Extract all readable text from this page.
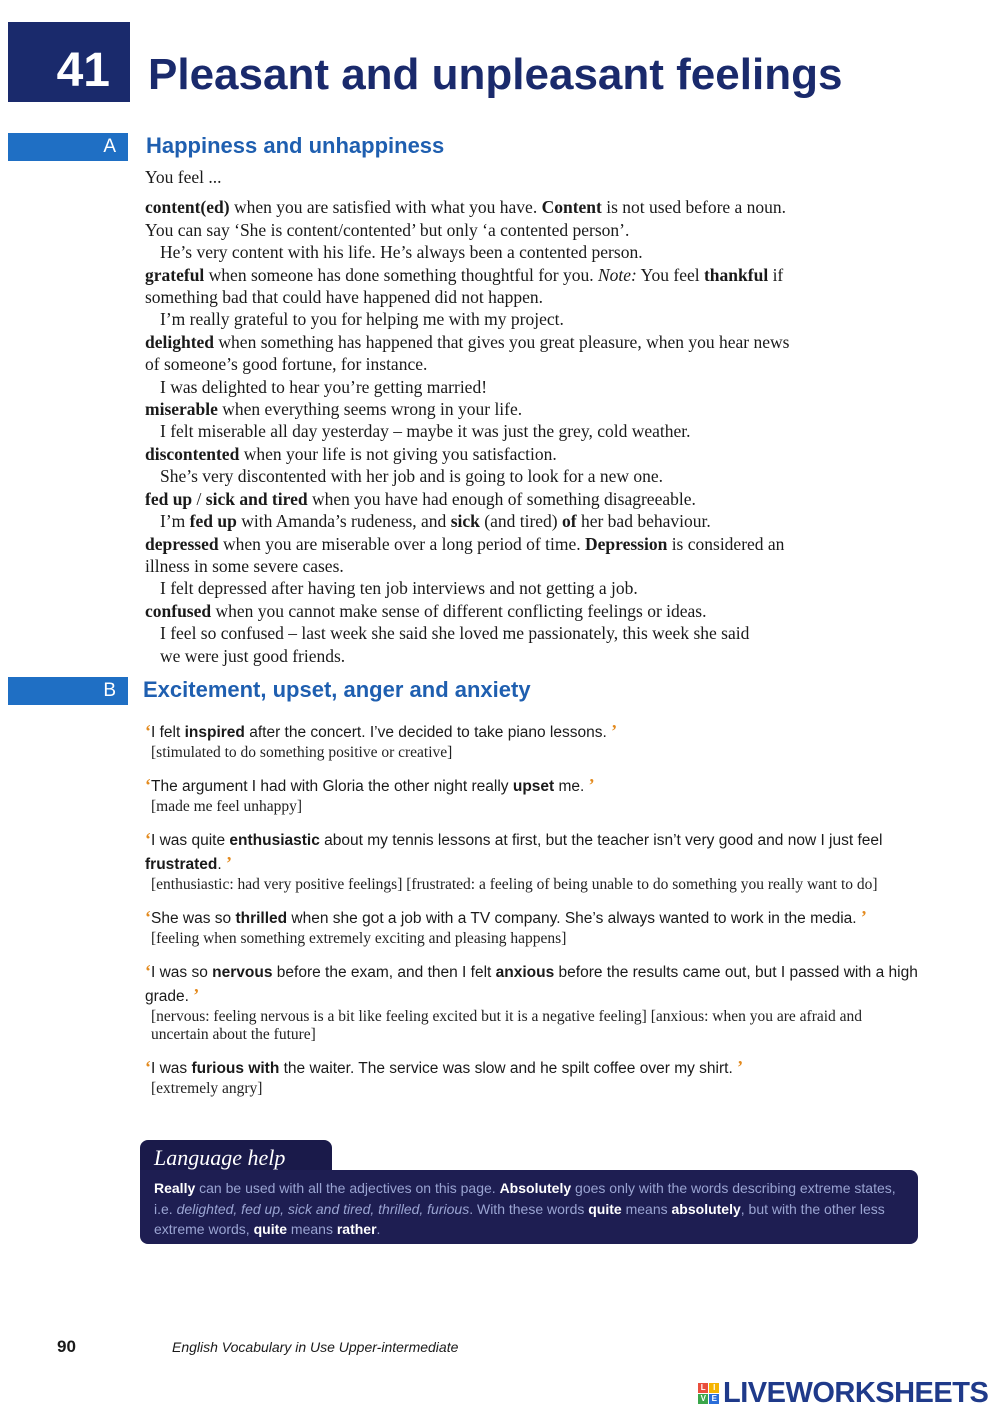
41 Pleasant and unpleasant feelings
A	Happiness and unhappiness
You feel ...
content(ed) when you are satisfied with what you have. Content is not used before a noun.
You can say ‘She is content/contented’ but only ‘a contented person’.
He’s very content with his life. He’s always been a contented person.
grateful when someone has done something thoughtful for you. Note: You feel thankful if
something bad that could have happened did not happen.
I’m really grateful to you for helping me with my project.
delighted when something has happened that gives you great pleasure, when you hear news
of someone’s good fortune, for instance.
I was delighted to hear you’re getting married!
miserable when everything seems wrong in your life.
I felt miserable all day yesterday – maybe it was just the grey, cold weather.
discontented when your life is not giving you satisfaction.
She’s very discontented with her job and is going to look for a new one.
fed up / sick and tired when you have had enough of something disagreeable.
I’m fed up with Amanda’s rudeness, and sick (and tired) of her bad behaviour.
depressed when you are miserable over a long period of time. Depression is considered an
illness in some severe cases.
I felt depressed after having ten job interviews and not getting a job.
confused when you cannot make sense of different conflicting feelings or ideas.
I feel so confused – last week she said she loved me passionately, this week she said
we were just good friends.
B	Excitement, upset, anger and anxiety
‘I felt inspired after the concert. I’ve decided to take piano lessons. ’
[stimulated to do something positive or creative]
‘The argument I had with Gloria the other night really upset me. ’
[made me feel unhappy]
‘I was quite enthusiastic about my tennis lessons at first, but the teacher isn’t very good and now I just feel frustrated. ’
[enthusiastic: had very positive feelings] [frustrated: a feeling of being unable to do something you really want to do]
‘She was so thrilled when she got a job with a TV company. She’s always wanted to work in the media. ’
[feeling when something extremely exciting and pleasing happens]
‘I was so nervous before the exam, and then I felt anxious before the results came out, but I passed with a high grade. ’
[nervous: feeling nervous is a bit like feeling excited but it is a negative feeling] [anxious: when you are afraid and uncertain about the future]
‘I was furious with the waiter. The service was slow and he spilt coffee over my shirt. ’
[extremely angry]
Language help
Really can be used with all the adjectives on this page. Absolutely goes only with the words describing extreme states, i.e. delighted, fed up, sick and tired, thrilled, furious. With these words quite means absolutely, but with the other less extreme words, quite means rather.
90	English Vocabulary in Use Upper-intermediate
L I
V E LIVEWORKSHEETS
